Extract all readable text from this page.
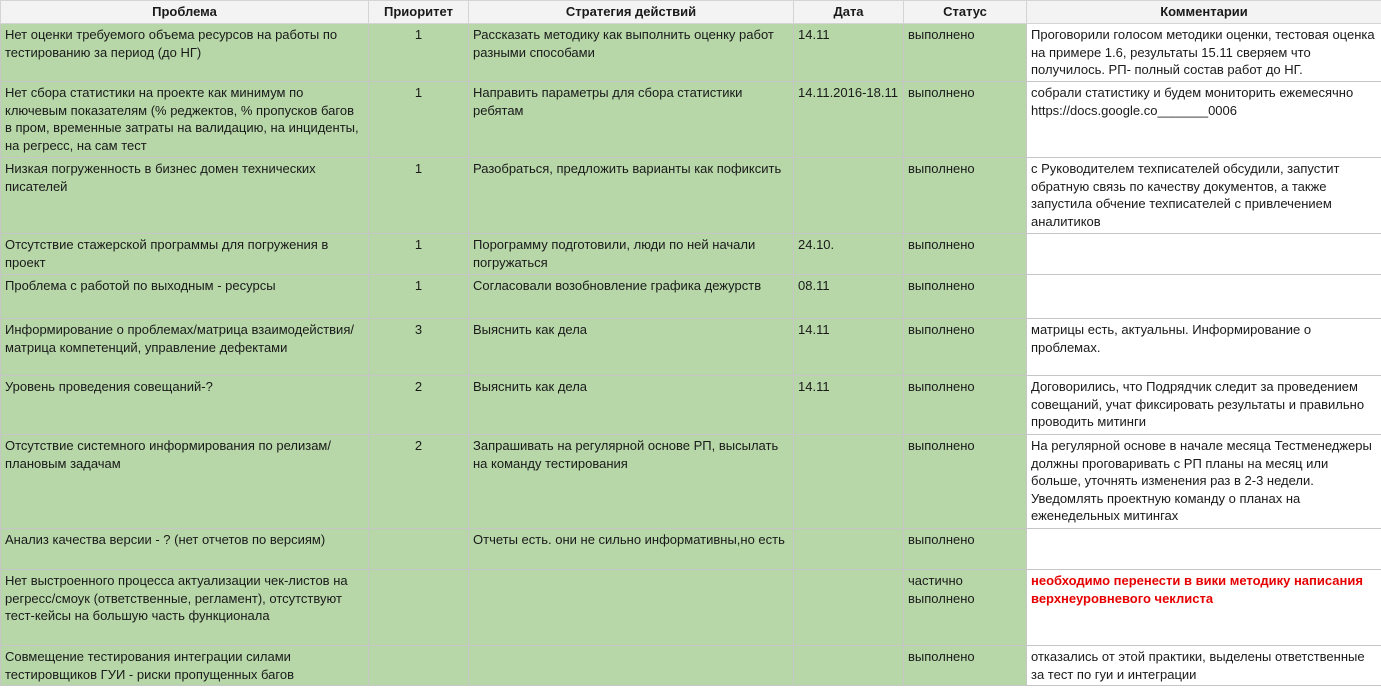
Проблема	Приоритет	Стратегия действий	Дата	Статус	Комментарии
Нет оценки требуемого объема ресурсов на работы по тестированию за период (до НГ)	1	Рассказать методику как выполнить оценку работ разными способами	14.11	выполнено	Проговорили голосом методики оценки, тестовая оценка на примере 1.6, результаты 15.11 сверяем что получилось. РП- полный состав работ до НГ.
Нет сбора статистики на проекте как минимум по ключевым показателям (% реджектов, % пропусков багов в пром, временные затраты на валидацию, на инциденты, на регресс, на сам тест	1	Направить параметры для сбора статистики ребятам	14.11.2016-18.11	выполнено	собрали статистику и будем мониторить ежемесячно https://docs.google.co_______0006
Низкая погруженность в бизнес домен технических писателей	1	Разобраться, предложить варианты как пофиксить		выполнено	с Руководителем техписателей обсудили, запустит обратную связь по качеству документов, а также запустила обчение техписателей с привлечением аналитиков
Отсутствие стажерской программы для погружения в проект	1	Порограмму подготовили, люди по ней начали погружаться	24.10.	выполнено	
Проблема с работой по выходным - ресурсы	1	Согласовали возобновление графика дежурств	08.11	выполнено	
Информирование о проблемах/матрица взаимодействия/матрица компетенций, управление дефектами	3	Выяснить как дела	14.11	выполнено	матрицы есть, актуальны. Информирование о проблемах.
Уровень проведения совещаний-?	2	Выяснить как дела	14.11	выполнено	Договорились, что Подрядчик следит за проведением совещаний, учат фиксировать результаты и правильно проводить митинги
Отсутствие системного информирования по релизам/плановым задачам	2	Запрашивать на регулярной основе РП, высылать на команду тестирования		выполнено	На регулярной основе в начале месяца Тестменеджеры должны проговаривать с РП планы на месяц или больше, уточнять изменения раз в 2-3 недели. Уведомлять проектную команду о планах на еженедельных митингах
Анализ качества версии - ? (нет отчетов по версиям)		Отчеты есть. они не сильно информативны,но есть		выполнено	
Нет выстроенного процесса актуализации чек-листов на регресс/смоук (ответственные, регламент), отсутствуют тест-кейсы на большую часть функционала				частично выполнено	необходимо перенести в вики методику написания верхнеуровневого чеклиста
Совмещение тестирования интеграции силами тестировщиков ГУИ - риски пропущенных багов				выполнено	отказались от этой практики, выделены ответственные за тест по гуи и интеграции
